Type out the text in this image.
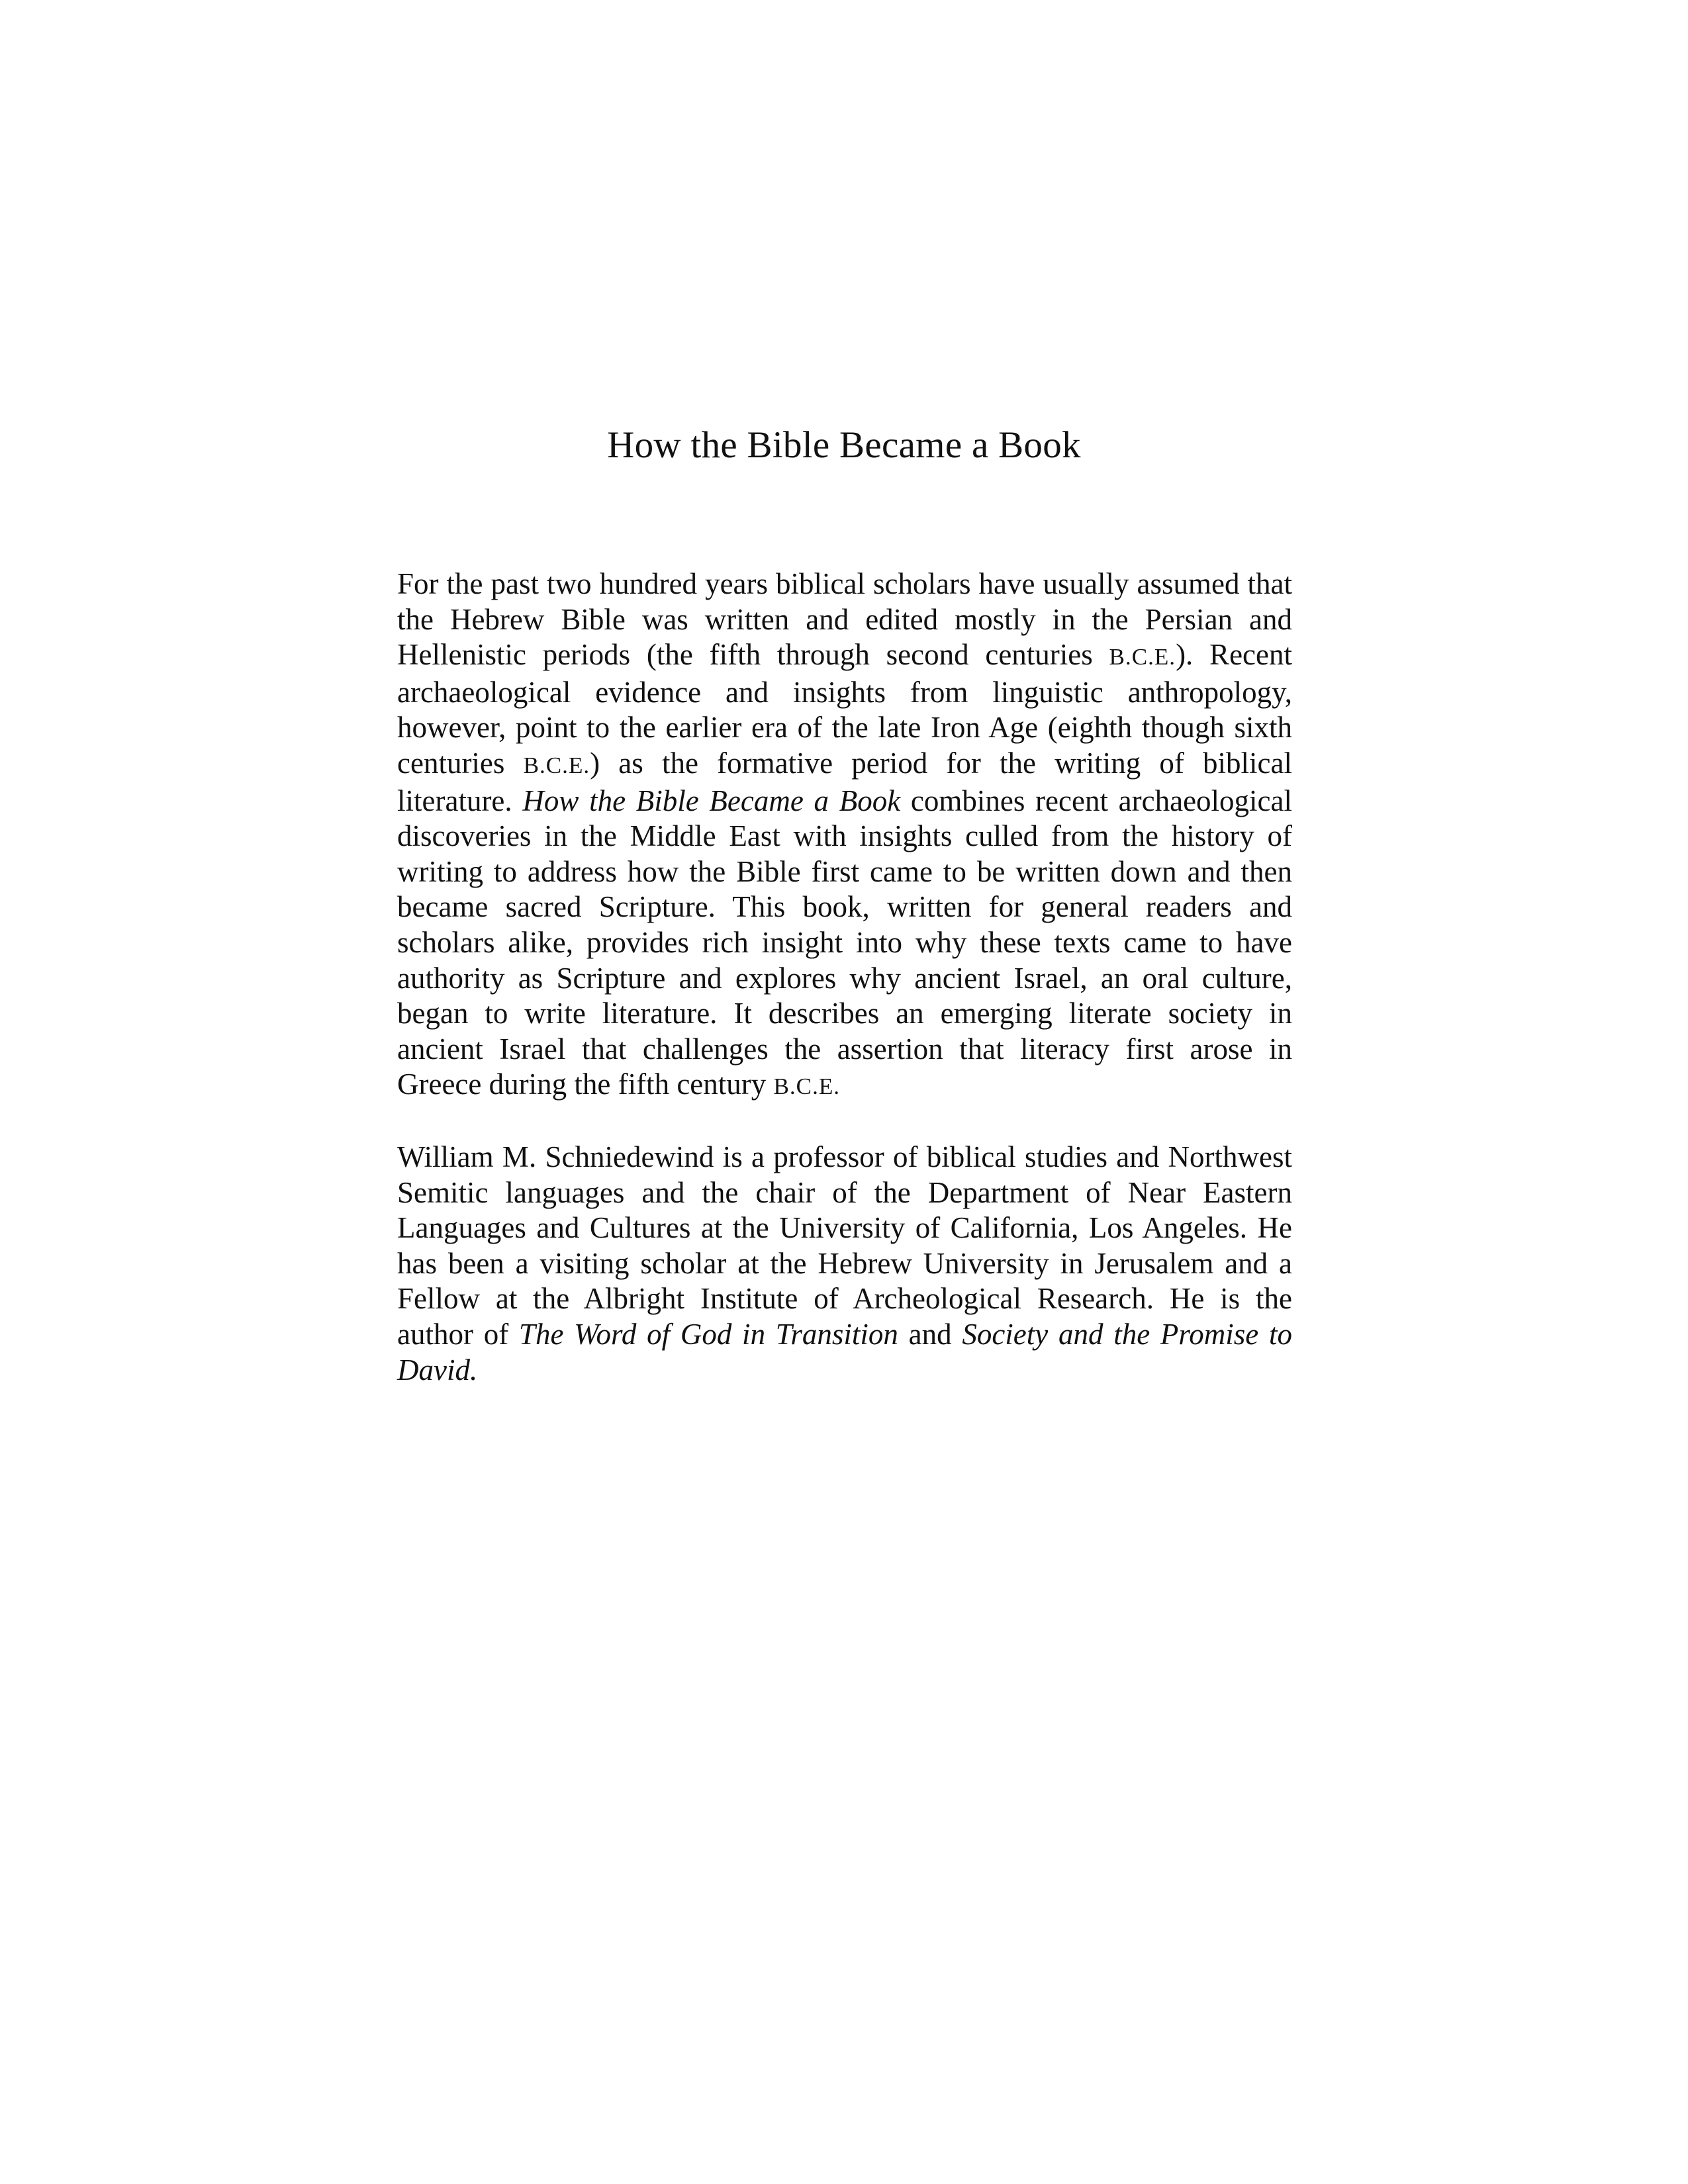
How the Bible Became a Book

For the past two hundred years biblical scholars have usually assumed that the Hebrew Bible was written and edited mostly in the Persian and Hellenistic periods (the fifth through second centuries B.C.E.). Recent archaeological evidence and insights from linguistic anthropology, however, point to the earlier era of the late Iron Age (eighth though sixth centuries B.C.E.) as the formative period for the writing of biblical literature. How the Bible Became a Book combines recent archaeological discoveries in the Middle East with insights culled from the history of writing to address how the Bible first came to be written down and then became sacred Scripture. This book, written for general readers and scholars alike, provides rich insight into why these texts came to have authority as Scripture and explores why ancient Israel, an oral culture, began to write literature. It describes an emerging literate society in ancient Israel that challenges the assertion that literacy first arose in Greece during the fifth century B.C.E.

William M. Schniedewind is a professor of biblical studies and Northwest Semitic languages and the chair of the Department of Near Eastern Languages and Cultures at the University of California, Los Angeles. He has been a visiting scholar at the Hebrew University in Jerusalem and a Fellow at the Albright Institute of Archeological Research. He is the author of The Word of God in Transition and Society and the Promise to David.
